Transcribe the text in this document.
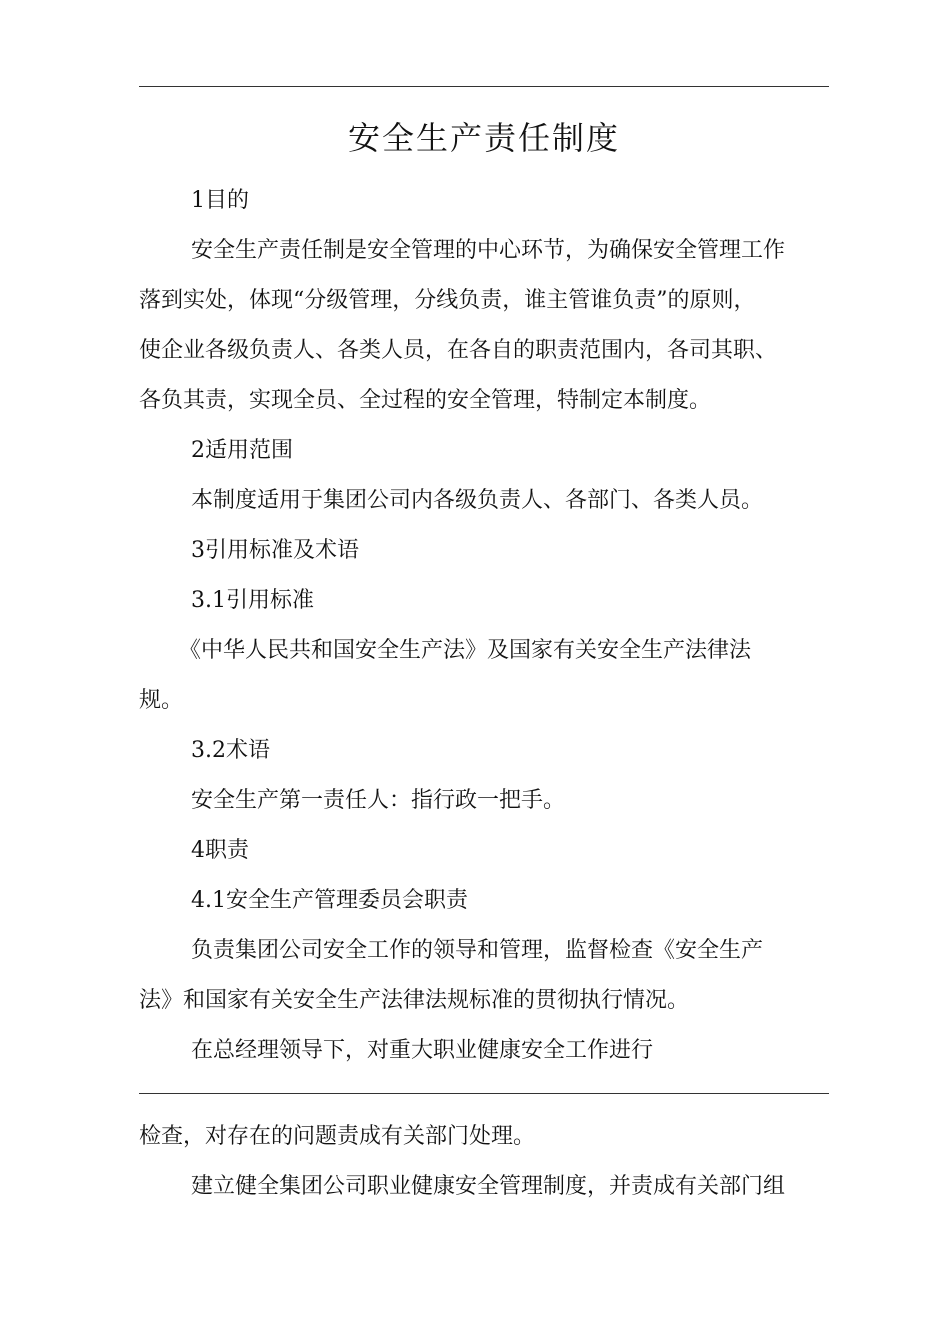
安全生产责任制度
1目的
安全生产责任制是安全管理的中心环节，为确保安全管理工作
落到实处，体现“分级管理，分线负责，谁主管谁负责”的原则，
使企业各级负责人、各类人员，在各自的职责范围内，各司其职、
各负其责，实现全员、全过程的安全管理，特制定本制度。
2适用范围
本制度适用于集团公司内各级负责人、各部门、各类人员。
3引用标准及术语
3.1引用标准
《中华人民共和国安全生产法》及国家有关安全生产法律法
规。
3.2术语
安全生产第一责任人：指行政一把手。
4职责
4.1安全生产管理委员会职责
负责集团公司安全工作的领导和管理，监督检查《安全生产
法》和国家有关安全生产法律法规标准的贯彻执行情况。
在总经理领导下，对重大职业健康安全工作进行
检查，对存在的问题责成有关部门处理。
建立健全集团公司职业健康安全管理制度，并责成有关部门组
